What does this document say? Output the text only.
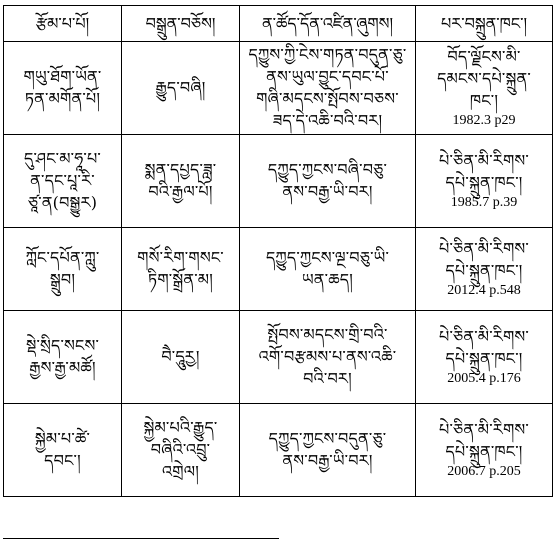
རྩོམ་པ་པོ།	བསྒྲུན་བཅོས།	ན་ཚོད་དོན་འཛིན་ཞུགས།	པར་བསྐྲུན་ཁང་།

གཡུ་ཐོག་ཡོན་
ཏན་མགོན་པོ།	རྒྱུད་བཞི།	དཀྱུས་ཀྱི་ངེས་གཏན་བདུན་ཅུ་
ནས་ཡུལ་བྱུང་དབང་པོ་
གཞི་མདངས་སྤོབས་བཅས་
ཟད་དེ་འཆི་བའི་བར།	བོད་ལྗོངས་མི་
དམངས་དཔེ་སྐྲུན་
ཁང་།
1982.3 p29

དུ་ཤང་མ་ཧཱ་པ་
ན་དང་པཱ་རི་
ཙཱ་ན(བསྒྱུར)	སྨན་དཔྱད་ཟླ་
བའི་རྒྱལ་པོ།	དཀྱུད་ཀྱངས་བཞི་བཅུ་
ནས་བརྒྱ་ཡི་བར།	པེ་ཅིན་མི་རིགས་
དཔེ་སྐྲུན་ཁང་།
1985.7 p.39

ཀློང་དཔོན་ཀླུ་
སྒྲུབ།	གསོ་རིག་གསང་
ཏིག་སྒྲོན་མ།	དཀྱུད་ཀྱངས་ལྔ་བཅུ་ཡི་
ཡན་ཆད།	པེ་ཅིན་མི་རིགས་
དཔེ་སྐྲུན་ཁང་།
2012.4 p.548

སྡེ་སྲིད་སངས་
རྒྱས་རྒྱ་མཚོ།	བཻ་དཱུརྱ།	སྤོབས་མདངས་གྲི་བའི་
འགོ་བརྩམས་པ་ནས་འཆི་
བའི་བར།	པེ་ཅིན་མི་རིགས་
དཔེ་སྐྲུན་ཁང་།
2005.4 p.176

སྐྱེམ་པ་ཚེ་
དབང་།	སྐྱེམ་པའི་རྒྱུད་
བཞིའི་འབྲུ་
འགྲེལ།	དཀྱུད་ཀྱངས་བདུན་ཅུ་
ནས་བརྒྱ་ཡི་བར།	པེ་ཅིན་མི་རིགས་
དཔེ་སྐྲུན་ཁང་།
2006.7 p.205
